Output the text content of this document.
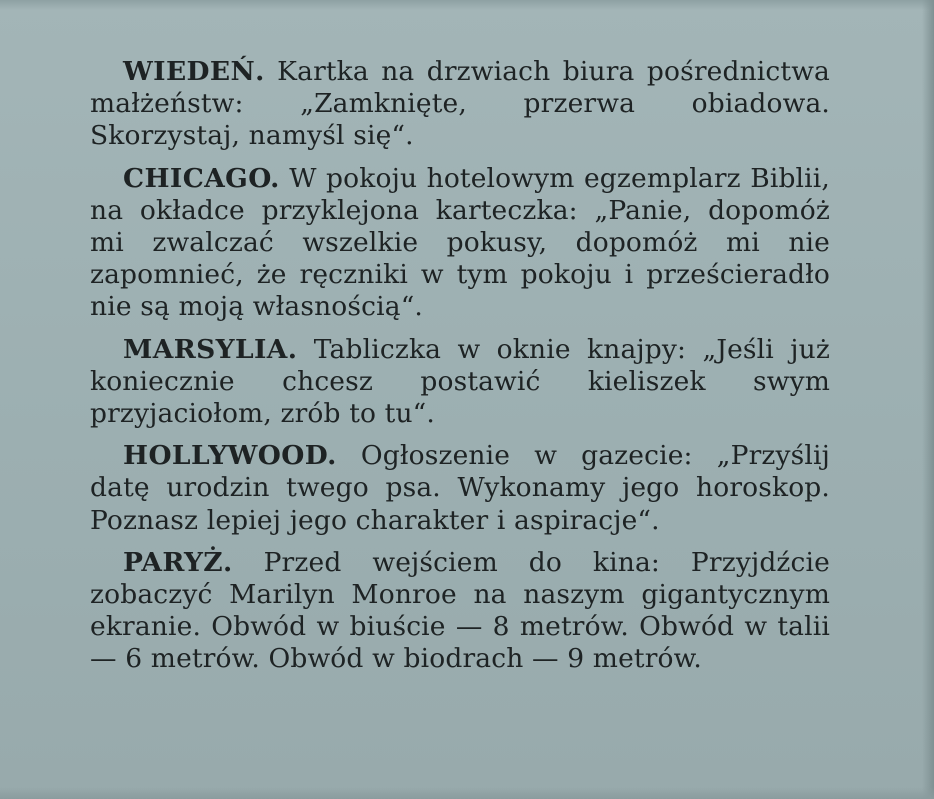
WIEDEŃ. Kartka na drzwiach biura pośrednictwa małżeństw: „Zamknięte, przerwa obiadowa. Skorzystaj, namyśl się“.

CHICAGO. W pokoju hotelowym egzemplarz Biblii, na okładce przyklejona karteczka: „Panie, dopomóż mi zwalczać wszelkie pokusy, dopomóż mi nie zapomnieć, że ręczniki w tym pokoju i prześcieradło nie są moją własnością“.

MARSYLIA. Tabliczka w oknie knajpy: „Jeśli już koniecznie chcesz postawić kieliszek swym przyjaciołom, zrób to tu“.

HOLLYWOOD. Ogłoszenie w gazecie: „Przyślij datę urodzin twego psa. Wykonamy jego horoskop. Poznasz lepiej jego charakter i aspiracje“.

PARYŻ. Przed wejściem do kina: Przyjdźcie zobaczyć Marilyn Monroe na naszym gigantycznym ekranie. Obwód w biuście — 8 metrów. Obwód w talii — 6 metrów. Obwód w biodrach — 9 metrów.
